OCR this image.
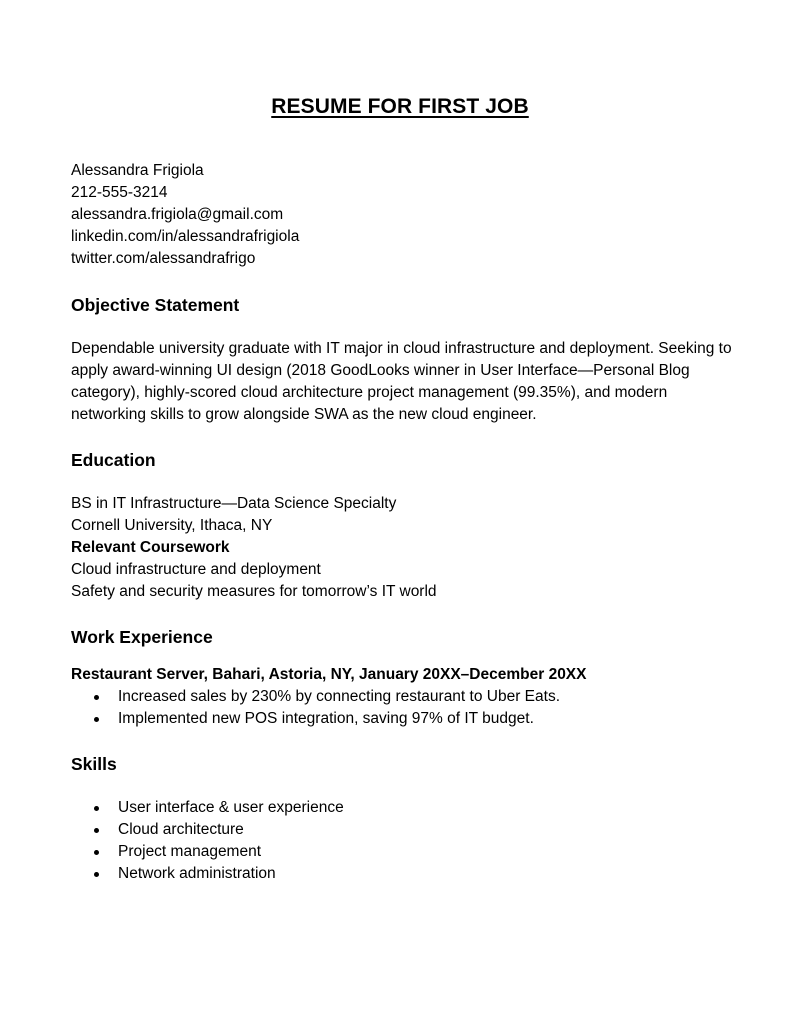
RESUME FOR FIRST JOB
Alessandra Frigiola
212-555-3214
alessandra.frigiola@gmail.com
linkedin.com/in/alessandrafrigiola
twitter.com/alessandrafrigo
Objective Statement
Dependable university graduate with IT major in cloud infrastructure and deployment. Seeking to apply award-winning UI design (2018 GoodLooks winner in User Interface—Personal Blog category), highly-scored cloud architecture project management (99.35%), and modern networking skills to grow alongside SWA as the new cloud engineer.
Education
BS in IT Infrastructure—Data Science Specialty
Cornell University, Ithaca, NY
Relevant Coursework
Cloud infrastructure and deployment
Safety and security measures for tomorrow’s IT world
Work Experience
Restaurant Server, Bahari, Astoria, NY, January 20XX–December 20XX
Increased sales by 230% by connecting restaurant to Uber Eats.
Implemented new POS integration, saving 97% of IT budget.
Skills
User interface & user experience
Cloud architecture
Project management
Network administration
